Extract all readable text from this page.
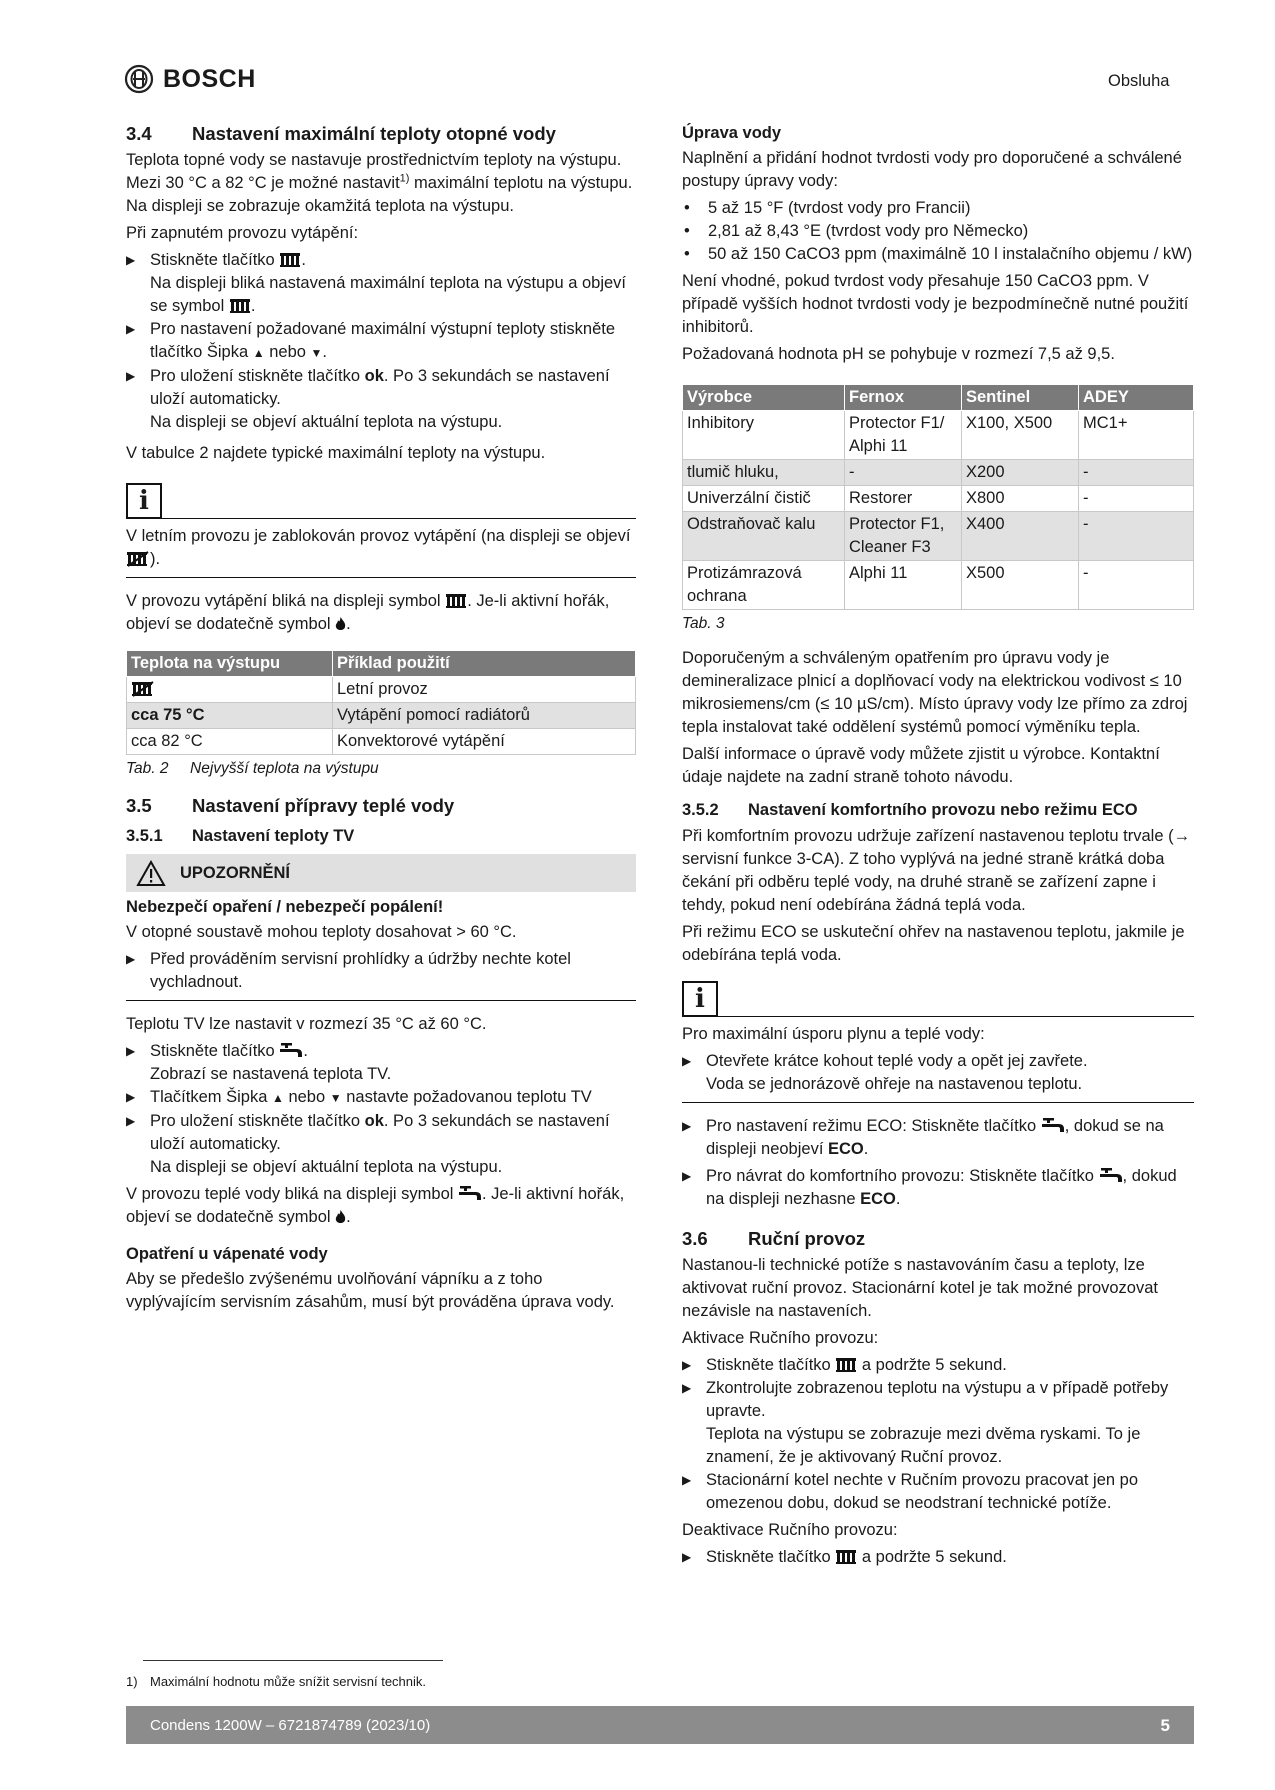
BOSCH	Obsluha
3.4 Nastavení maximální teploty otopné vody

Teplota topné vody se nastavuje prostřednictvím teploty na výstupu. Mezi 30 °C a 82 °C je možné nastavit$^{1)}$ maximální teplotu na výstupu. Na displeji se zobrazuje okamžitá teplota na výstupu.

Při zapnutém provozu vytápění:

▶ Stiskněte tlačítko .
Na displeji bliká nastavená maximální teplota na výstupu a objeví se symbol .
▶ Pro nastavení požadované maximální výstupní teploty stiskněte tlačítko Šipka ▲ nebo ▼.
▶ Pro uložení stiskněte tlačítko ok. Po 3 sekundách se nastavení uloží automaticky.
Na displeji se objeví aktuální teplota na výstupu.

V tabulce 2 najdete typické maximální teploty na výstupu.

i
V letním provozu je zablokován provoz vytápění (na displeji se objeví ).

V provozu vytápění bliká na displeji symbol . Je-li aktivní hořák, objeví se dodatečně symbol .

Teplota na výstupu	Příklad použití
	Letní provoz
cca 75 °C	Vytápění pomocí radiátorů
cca 82 °C	Konvektorové vytápění
Tab. 2 Nejvyšší teplota na výstupu
3.5 Nastavení přípravy teplé vody
3.5.1 Nastavení teploty TV
UPOZORNĚNÍ
Nebezpečí opaření / nebezpečí popálení!

V otopné soustavě mohou teploty dosahovat > 60 °C.

▶ Před prováděním servisní prohlídky a údržby nechte kotel vychladnout.

Teplotu TV lze nastavit v rozmezí 35 °C až 60 °C.

▶ Stiskněte tlačítko .
Zobrazí se nastavená teplota TV.
▶ Tlačítkem Šipka ▲ nebo ▼ nastavte požadovanou teplotu TV
▶ Pro uložení stiskněte tlačítko ok. Po 3 sekundách se nastavení uloží automaticky.
Na displeji se objeví aktuální teplota na výstupu.

V provozu teplé vody bliká na displeji symbol . Je-li aktivní hořák, objeví se dodatečně symbol .

Opatření u vápenaté vody

Aby se předešlo zvýšenému uvolňování vápníku a z toho vyplývajícím servisním zásahům, musí být prováděna úprava vody.

Úprava vody

Naplnění a přidání hodnot tvrdosti vody pro doporučené a schválené postupy úpravy vody:

• 5 až 15 °F (tvrdost vody pro Francii)
• 2,81 až 8,43 °E (tvrdost vody pro Německo)
• 50 až 150 CaCO3 ppm (maximálně 10 l instalačního objemu / kW)

Není vhodné, pokud tvrdost vody přesahuje 150 CaCO3 ppm. V případě vyšších hodnot tvrdosti vody je bezpodmínečně nutné použití inhibitorů.

Požadovaná hodnota pH se pohybuje v rozmezí 7,5 až 9,5.

Výrobce	Fernox	Sentinel	ADEY
Inhibitory	Protector F1/ Alphi 11	X100, X500	MC1+
tlumič hluku,	-	X200	-
Univerzální čistič	Restorer	X800	-
Odstraňovač kalu	Protector F1, Cleaner F3	X400	-
Protizámrazová ochrana	Alphi 11	X500	-
Tab. 3

Doporučeným a schváleným opatřením pro úpravu vody je demineralizace plnicí a doplňovací vody na elektrickou vodivost ≤ 10 mikrosiemens/cm (≤ 10 µS/cm). Místo úpravy vody lze přímo za zdroj tepla instalovat také oddělení systémů pomocí výměníku tepla.

Další informace o úpravě vody můžete zjistit u výrobce. Kontaktní údaje najdete na zadní straně tohoto návodu.

3.5.2 Nastavení komfortního provozu nebo režimu ECO

Při komfortním provozu udržuje zařízení nastavenou teplotu trvale (→ servisní funkce 3-CA). Z toho vyplývá na jedné straně krátká doba čekání při odběru teplé vody, na druhé straně se zařízení zapne i tehdy, pokud není odebírána žádná teplá voda.

Při režimu ECO se uskuteční ohřev na nastavenou teplotu, jakmile je odebírána teplá voda.

i

Pro maximální úsporu plynu a teplé vody:

▶ Otevřete krátce kohout teplé vody a opět jej zavřete.
Voda se jednorázově ohřeje na nastavenou teplotu.
▶ Pro nastavení režimu ECO: Stiskněte tlačítko , dokud se na displeji neobjeví ECO.
▶ Pro návrat do komfortního provozu: Stiskněte tlačítko , dokud na displeji nezhasne ECO.
3.6 Ruční provoz

Nastanou-li technické potíže s nastavováním času a teploty, lze aktivovat ruční provoz. Stacionární kotel je tak možné provozovat nezávisle na nastaveních.

Aktivace Ručního provozu:

▶ Stiskněte tlačítko a podržte 5 sekund.
▶ Zkontrolujte zobrazenou teplotu na výstupu a v případě potřeby upravte.
Teplota na výstupu se zobrazuje mezi dvěma ryskami. To je znamení, že je aktivovaný Ruční provoz.
▶ Stacionární kotel nechte v Ručním provozu pracovat jen po omezenou dobu, dokud se neodstraní technické potíže.

Deaktivace Ručního provozu:

▶ Stiskněte tlačítko a podržte 5 sekund.
1) Maximální hodnotu může snížit servisní technik.
Condens 1200W – 6721874789 (2023/10)	5
